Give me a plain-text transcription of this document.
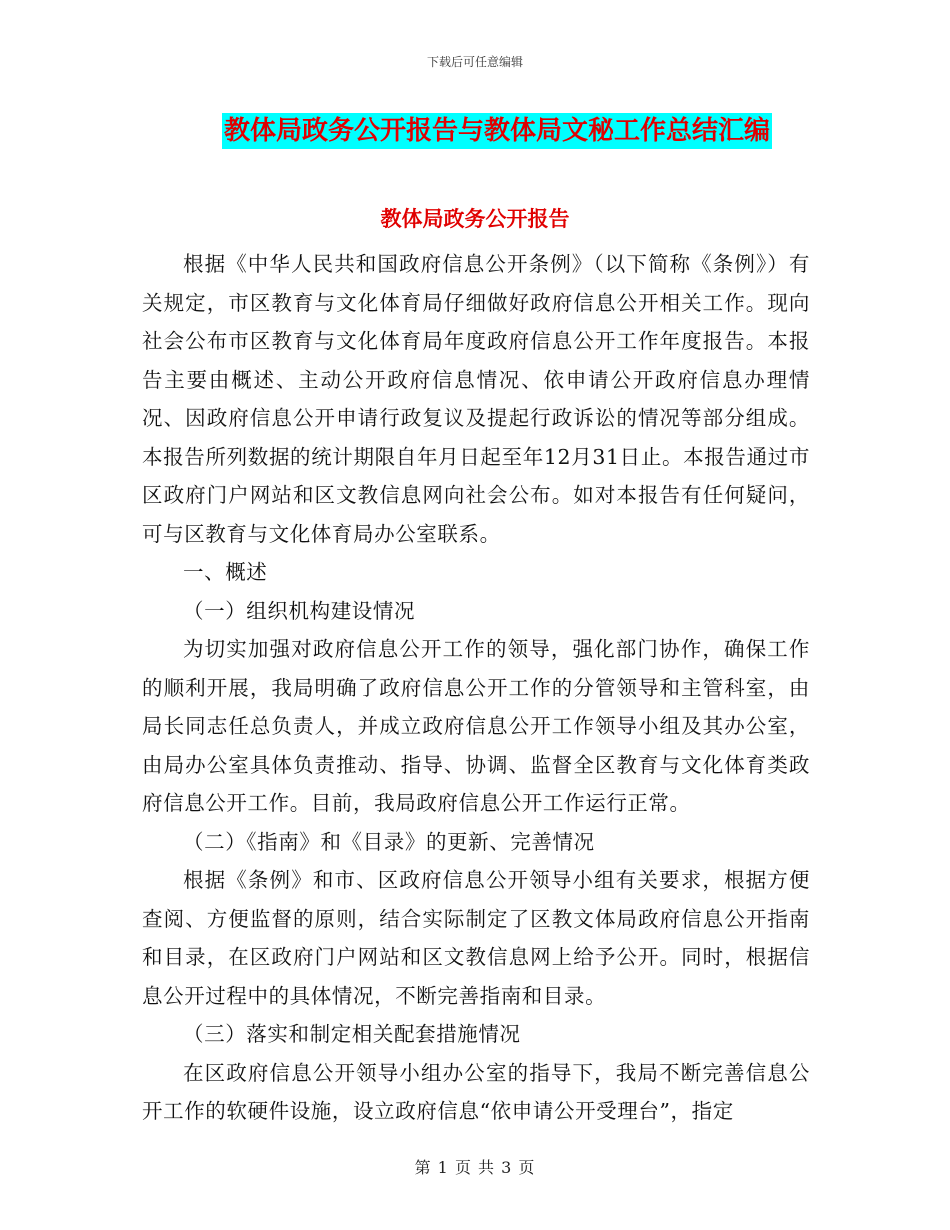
下载后可任意编辑
教体局政务公开报告与教体局文秘工作总结汇编
教体局政务公开报告

根据《中华人民共和国政府信息公开条例》（以下简称《条例》）有关规定，市区教育与文化体育局仔细做好政府信息公开相关工作。现向社会公布市区教育与文化体育局年度政府信息公开工作年度报告。本报告主要由概述、主动公开政府信息情况、依申请公开政府信息办理情况、因政府信息公开申请行政复议及提起行政诉讼的情况等部分组成。本报告所列数据的统计期限自年月日起至年12月31日止。本报告通过市区政府门户网站和区文教信息网向社会公布。如对本报告有任何疑问，可与区教育与文化体育局办公室联系。

一、概述

（一）组织机构建设情况

为切实加强对政府信息公开工作的领导，强化部门协作，确保工作的顺利开展，我局明确了政府信息公开工作的分管领导和主管科室，由局长同志任总负责人，并成立政府信息公开工作领导小组及其办公室，由局办公室具体负责推动、指导、协调、监督全区教育与文化体育类政府信息公开工作。目前，我局政府信息公开工作运行正常。

（二）《指南》和《目录》的更新、完善情况

根据《条例》和市、区政府信息公开领导小组有关要求，根据方便查阅、方便监督的原则，结合实际制定了区教文体局政府信息公开指南和目录，在区政府门户网站和区文教信息网上给予公开。同时，根据信息公开过程中的具体情况，不断完善指南和目录。

（三）落实和制定相关配套措施情况

在区政府信息公开领导小组办公室的指导下，我局不断完善信息公开工作的软硬件设施，设立政府信息“依申请公开受理台”，指定

第 1 页 共 3 页
